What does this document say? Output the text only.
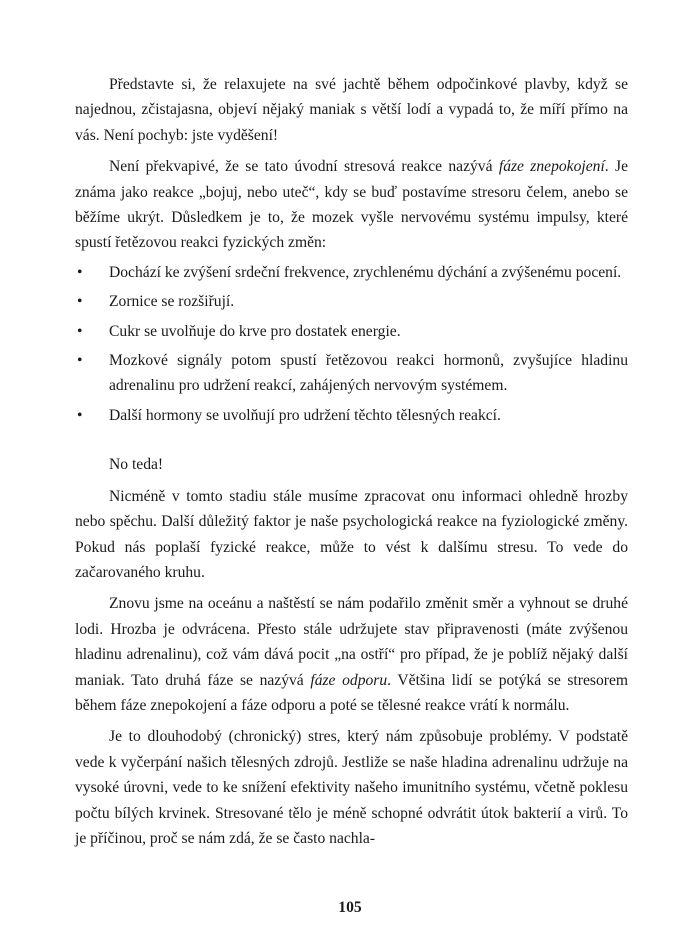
Představte si, že relaxujete na své jachtě během odpočinkové plavby, když se najednou, zčistajasna, objeví nějaký maniak s větší lodí a vypadá to, že míří přímo na vás. Není pochyb: jste vyděšení!

Není překvapivé, že se tato úvodní stresová reakce nazývá fáze znepokojení. Je známa jako reakce „bojuj, nebo uteč“, kdy se buď postavíme stresoru čelem, anebo se běžíme ukrýt. Důsledkem je to, že mozek vyšle nervovému systému impulsy, které spustí řetězovou reakci fyzických změn:

• Dochází ke zvýšení srdeční frekvence, zrychlenému dýchání a zvýšenému pocení.
• Zornice se rozšiřují.
• Cukr se uvolňuje do krve pro dostatek energie.
• Mozkové signály potom spustí řetězovou reakci hormonů, zvyšujíce hladinu adrenalinu pro udržení reakcí, zahájených nervovým systémem.
• Další hormony se uvolňují pro udržení těchto tělesných reakcí.

No teda!

Nicméně v tomto stadiu stále musíme zpracovat onu informaci ohledně hrozby nebo spěchu. Další důležitý faktor je naše psychologická reakce na fyziologické změny. Pokud nás poplaší fyzické reakce, může to vést k dalšímu stresu. To vede do začarovaného kruhu.

Znovu jsme na oceánu a naštěstí se nám podařilo změnit směr a vyhnout se druhé lodi. Hrozba je odvrácena. Přesto stále udržujete stav připravenosti (máte zvýšenou hladinu adrenalinu), což vám dává pocit „na ostří“ pro případ, že je poblíž nějaký další maniak. Tato druhá fáze se nazývá fáze odporu. Většina lidí se potýká se stresorem během fáze znepokojení a fáze odporu a poté se tělesné reakce vrátí k normálu.

Je to dlouhodobý (chronický) stres, který nám způsobuje problémy. V podstatě vede k vyčerpání našich tělesných zdrojů. Jestliže se naše hladina adrenalinu udržuje na vysoké úrovni, vede to ke snížení efektivity našeho imunitního systému, včetně poklesu počtu bílých krvinek. Stresované tělo je méně schopné odvrátit útok bakterií a virů. To je příčinou, proč se nám zdá, že se často nachla-

105
